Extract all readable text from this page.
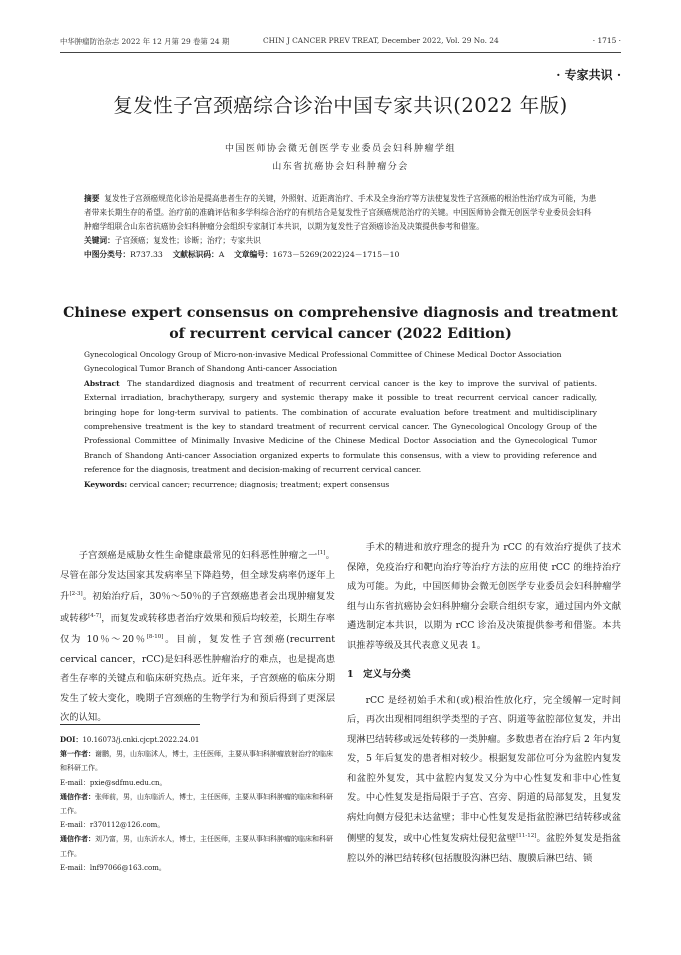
中华肿瘤防治杂志 2022 年 12 月第 29 卷第 24 期	CHIN J CANCER PREV TREAT, December 2022, Vol. 29 No. 24	· 1715 ·
· 专家共识 ·
复发性子宫颈癌综合诊治中国专家共识(2022 年版)
中国医师协会微无创医学专业委员会妇科肿瘤学组
山东省抗癌协会妇科肿瘤分会

摘要 复发性子宫颈癌规范化诊治是提高患者生存的关键，外照射、近距离治疗、手术及全身治疗等方法使复发性子宫颈癌的根治性治疗成为可能，为患者带来长期生存的希望。治疗前的准确评估和多学科综合治疗的有机结合是复发性子宫颈癌规范治疗的关键。中国医师协会微无创医学专业委员会妇科肿瘤学组联合山东省抗癌协会妇科肿瘤分会组织专家制订本共识，以期为复发性子宫颈癌诊治及决策提供参考和借鉴。

关键词：子宫颈癌；复发性；诊断；治疗；专家共识

中图分类号：R737.33 文献标识码：A 文章编号：1673－5269(2022)24－1715－10

Chinese expert consensus on comprehensive diagnosis and treatment
of recurrent cervical cancer (2022 Edition)

Gynecological Oncology Group of Micro-non-invasive Medical Professional Committee of Chinese Medical Doctor Association

Gynecological Tumor Branch of Shandong Anti-cancer Association

Abstract The standardized diagnosis and treatment of recurrent cervical cancer is the key to improve the survival of patients. External irradiation, brachytherapy, surgery and systemic therapy make it possible to treat recurrent cervical cancer radically, bringing hope for long-term survival to patients. The combination of accurate evaluation before treatment and multidisciplinary comprehensive treatment is the key to standard treatment of recurrent cervical cancer. The Gynecological Oncology Group of the Professional Committee of Minimally Invasive Medicine of the Chinese Medical Doctor Association and the Gynecological Tumor Branch of Shandong Anti-cancer Association organized experts to formulate this consensus, with a view to providing reference and reference for the diagnosis, treatment and decision-making of recurrent cervical cancer.

Keywords: cervical cancer; recurrence; diagnosis; treatment; expert consensus

子宫颈癌是威胁女性生命健康最常见的妇科恶性肿瘤之一[1]。尽管在部分发达国家其发病率呈下降趋势，但全球发病率仍逐年上升[2-3]。初始治疗后，30％～50％的子宫颈癌患者会出现肿瘤复发或转移[4-7]，而复发或转移患者治疗效果和预后均较差，长期生存率仅为 10％～20％[8-10]。目前，复发性子宫颈癌(recurrent cervical cancer，rCC)是妇科恶性肿瘤治疗的难点，也是提高患者生存率的关键点和临床研究热点。近年来，子宫颈癌的临床分期发生了较大变化，晚期子宫颈癌的生物学行为和预后得到了更深层次的认知。

DOI：10.16073/j.cnki.cjcpt.2022.24.01

第一作者：谢鹏，男，山东临沭人，博士，主任医师，主要从事妇科肿瘤放射治疗的临床和科研工作。

E-mail：pxie@sdfmu.edu.cn。

通信作者：张师前，男，山东临沂人，博士，主任医师，主要从事妇科肿瘤的临床和科研工作。

E-mail：r370112@126.com。

通信作者：刘乃富，男，山东沂水人，博士，主任医师，主要从事妇科肿瘤的临床和科研工作。

E-mail：lnf97066@163.com。

手术的精进和放疗理念的提升为 rCC 的有效治疗提供了技术保障，免疫治疗和靶向治疗等治疗方法的应用使 rCC 的维持治疗成为可能。为此，中国医师协会微无创医学专业委员会妇科肿瘤学组与山东省抗癌协会妇科肿瘤分会联合组织专家，通过国内外文献遴选制定本共识，以期为 rCC 诊治及决策提供参考和借鉴。本共识推荐等级及其代表意义见表 1。

1　定义与分类

rCC 是经初始手术和(或)根治性放化疗，完全缓解一定时间后，再次出现相同组织学类型的子宫、阴道等盆腔部位复发，并出现淋巴结转移或远处转移的一类肿瘤。多数患者在治疗后 2 年内复发，5 年后复发的患者相对较少。根据复发部位可分为盆腔内复发和盆腔外复发，其中盆腔内复发又分为中心性复发和非中心性复发。中心性复发是指局限于子宫、宫旁、阴道的局部复发，且复发病灶向侧方侵犯未达盆壁；非中心性复发是指盆腔淋巴结转移或盆侧壁的复发，或中心性复发病灶侵犯盆壁[11-12]。盆腔外复发是指盆腔以外的淋巴结转移(包括腹股沟淋巴结、腹膜后淋巴结、锁
